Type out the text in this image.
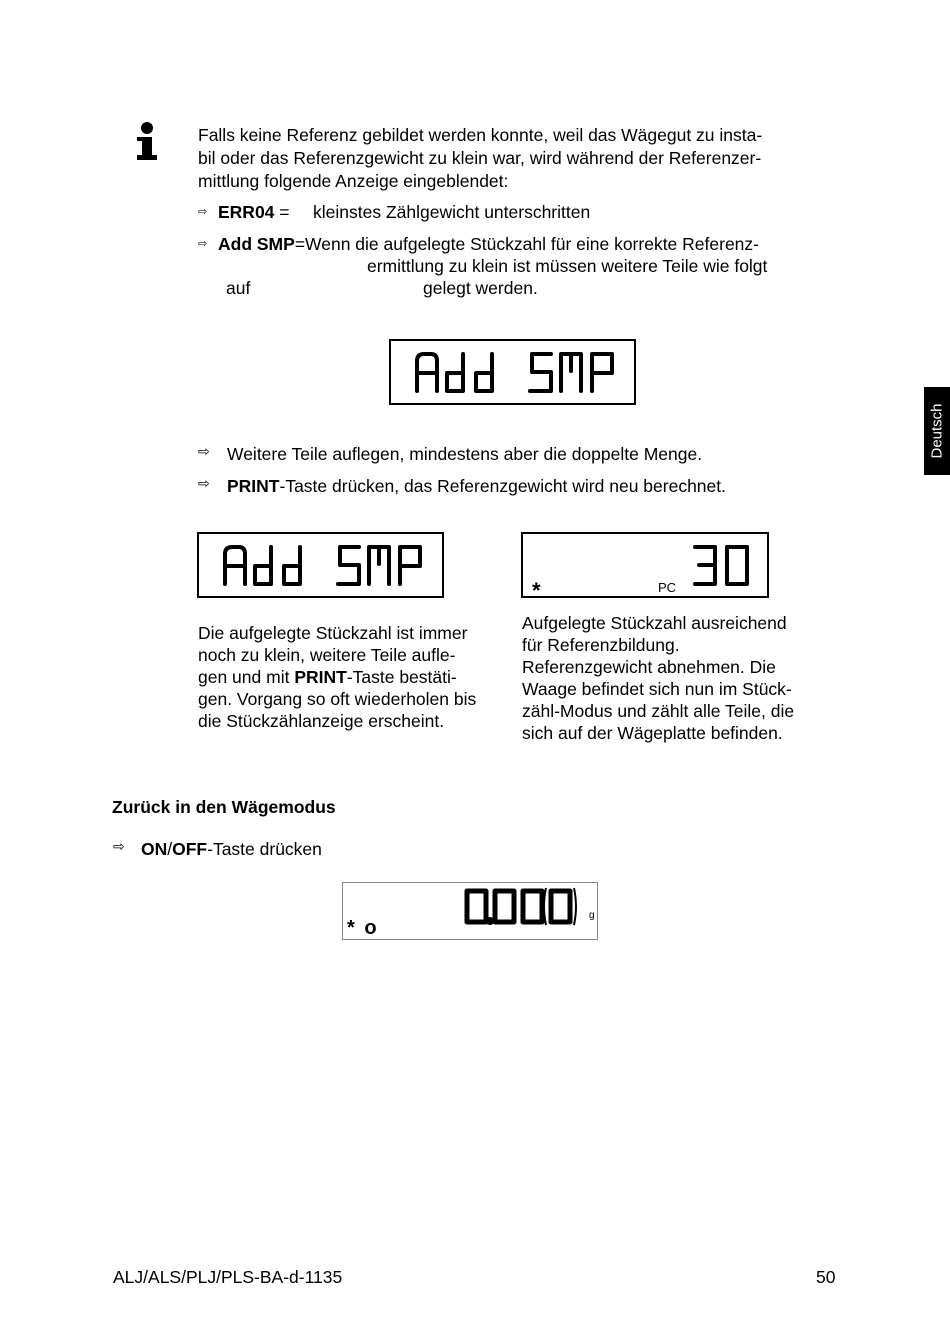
Falls keine Referenz gebildet werden konnte, weil das Wägegut zu insta-
bil oder das Referenzgewicht zu klein war, wird während der Referenzer-
mittlung folgende Anzeige eingeblendet:
⇨ ERR04 = kleinstes Zählgewicht unterschritten
⇨ Add SMP=Wenn die aufgelegte Stückzahl für eine korrekte Referenz-
ermittlung zu klein ist müssen weitere Teile wie folgt
auf	gelegt werden.
⇨ Weitere Teile auflegen, mindestens aber die doppelte Menge.
⇨ PRINT-Taste drücken, das Referenzgewicht wird neu berechnet.
*	PC
Die aufgelegte Stückzahl ist immer
noch zu klein, weitere Teile aufle-
gen und mit PRINT-Taste bestäti-
gen. Vorgang so oft wiederholen bis
die Stückzählanzeige erscheint.
Aufgelegte Stückzahl ausreichend
für Referenzbildung.
Referenzgewicht abnehmen. Die
Waage befindet sich nun im Stück-
zähl-Modus und zählt alle Teile, die
sich auf der Wägeplatte befinden.
Zurück in den Wägemodus
⇨ ON/OFF-Taste drücken
* o
g
Deutsch
ALJ/ALS/PLJ/PLS-BA-d-1135	50
